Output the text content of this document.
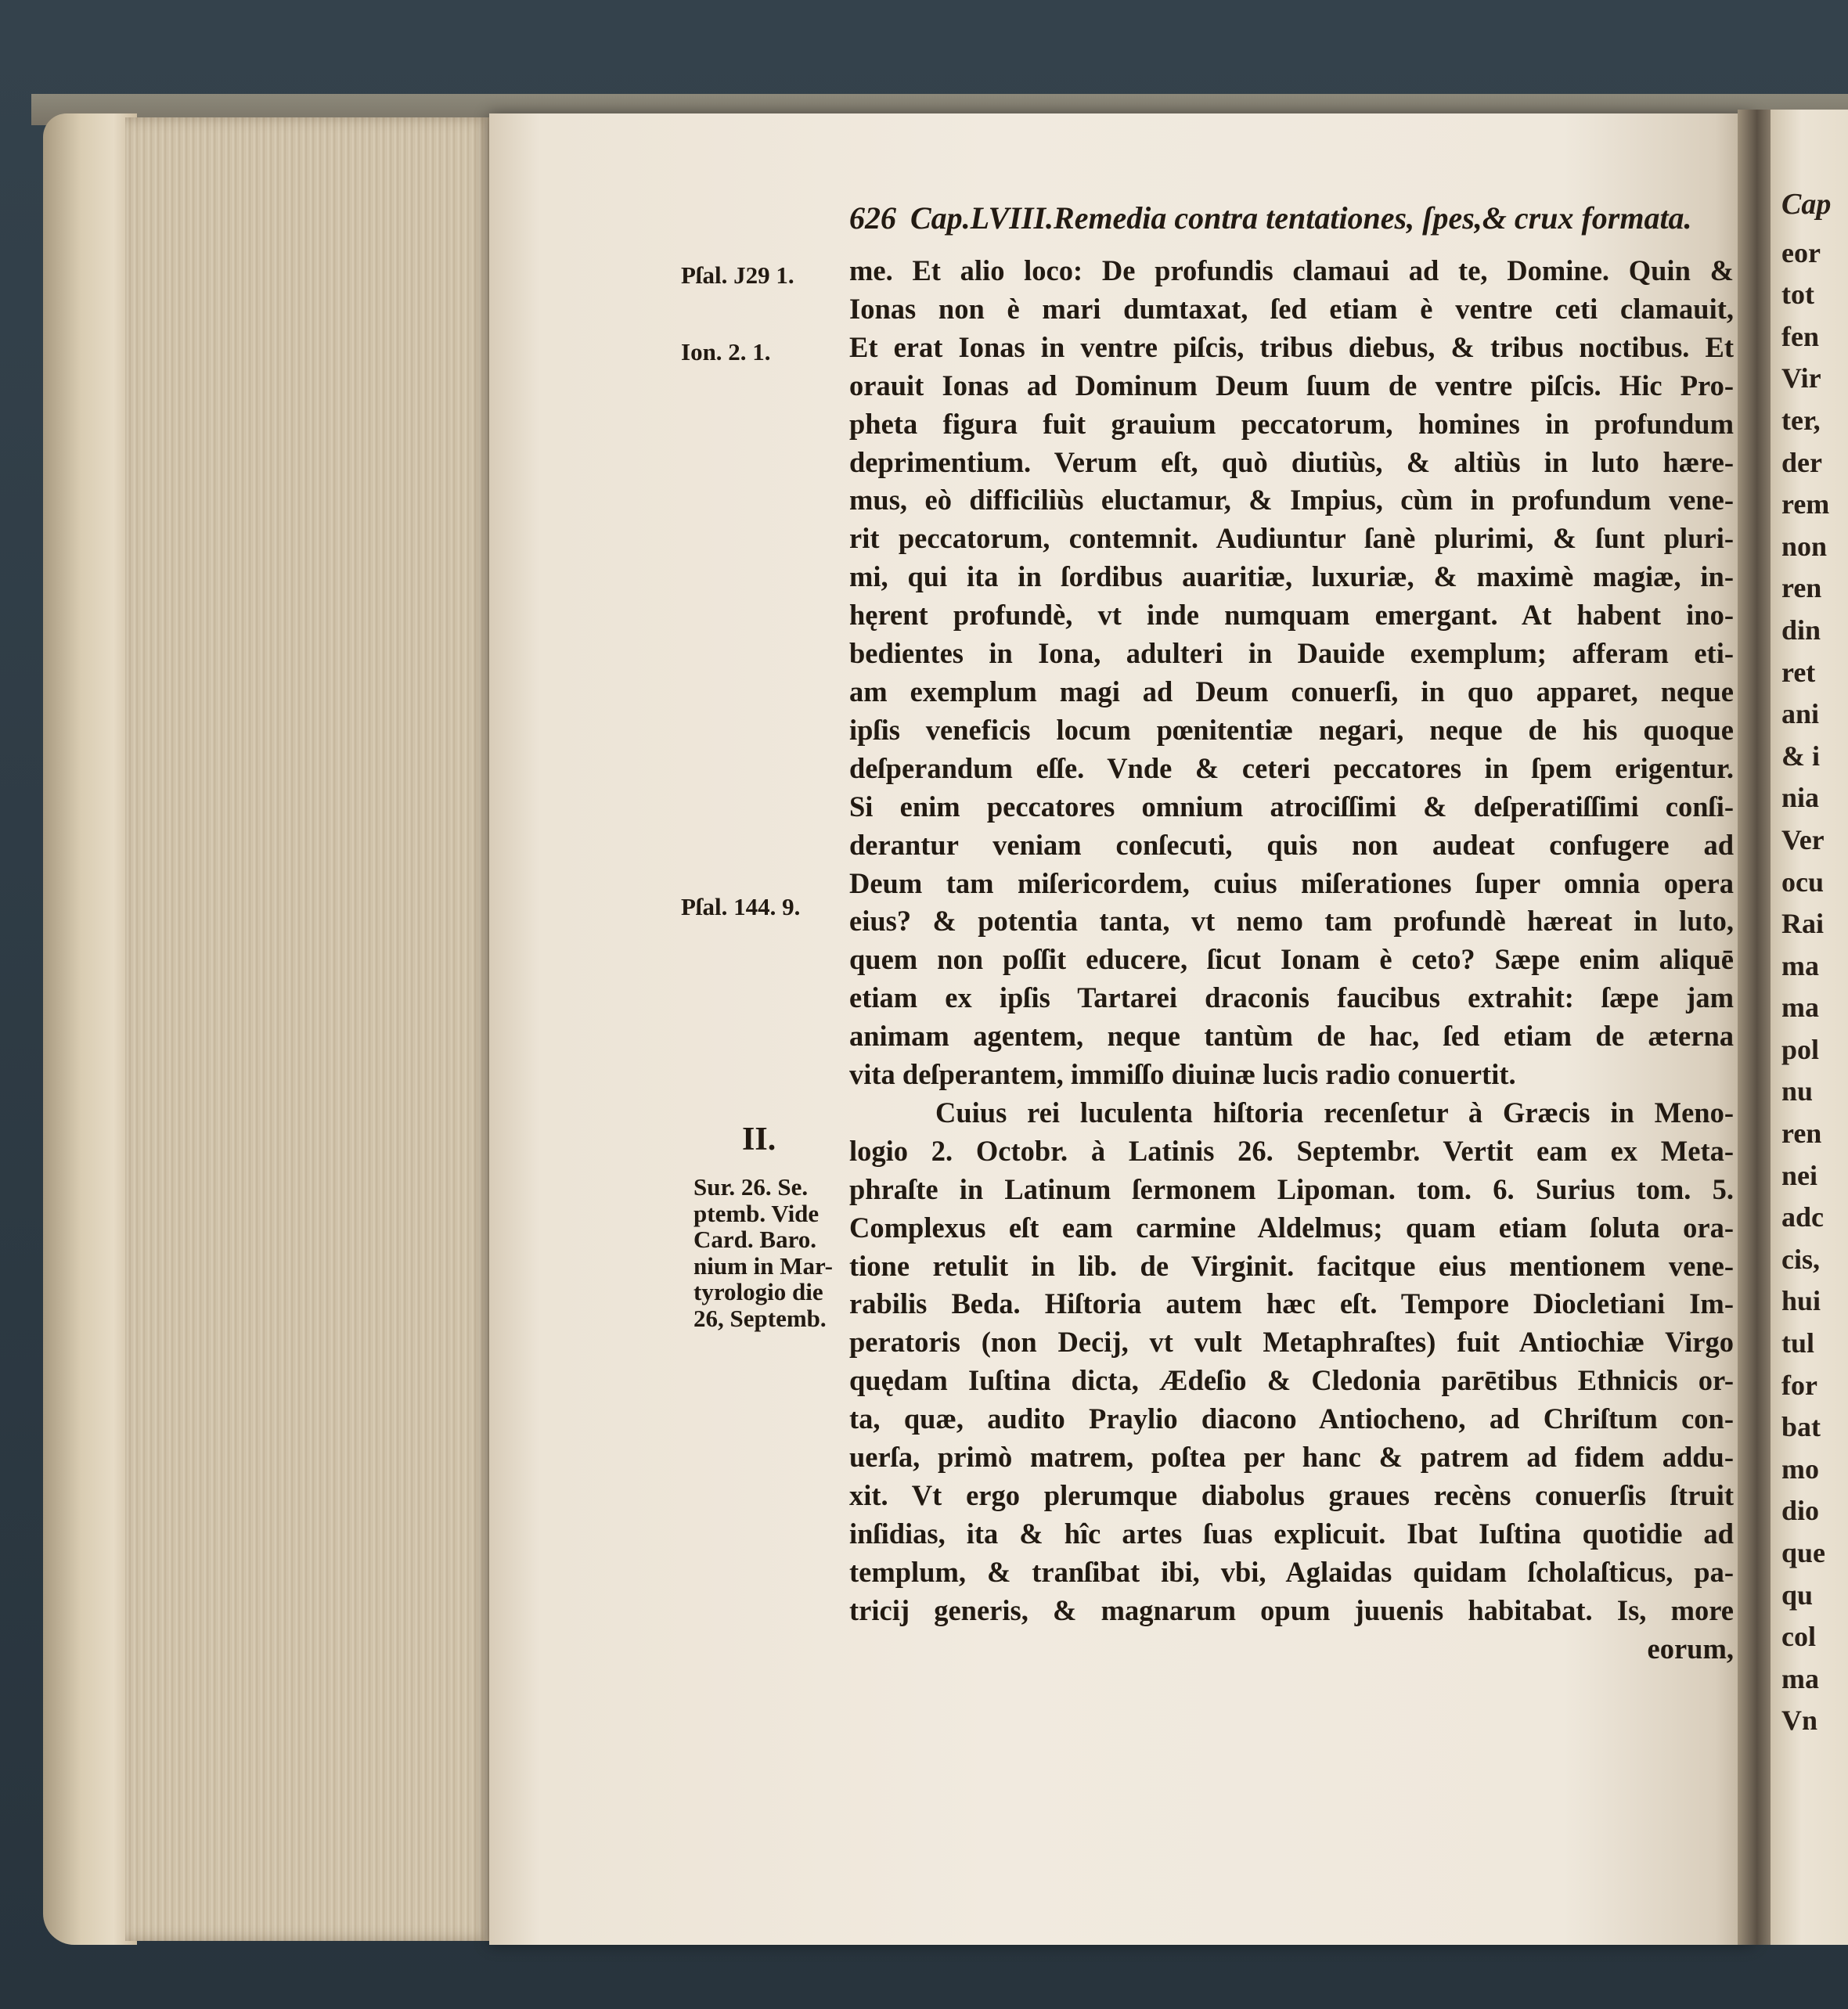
626 Cap.LVIII.Remedia contra tentationes, ſpes,& crux formata.
Pſal. J29 1.
Ion. 2. 1.
Pſal. 144. 9.
II.
Sur. 26. Se.
ptemb. Vide
Card. Baro.
nium in Mar-
tyrologio die
26, Septemb.
me. Et alio loco: De profundis clamaui ad te, Domine. Quin &
Ionas non è mari dumtaxat, ſed etiam è ventre ceti clamauit,
Et erat Ionas in ventre piſcis, tribus diebus, & tribus noctibus. Et
orauit Ionas ad Dominum Deum ſuum de ventre piſcis. Hic Pro-
pheta figura fuit grauium peccatorum, homines in profundum
deprimentium. Verum eſt, quò diutiùs, & altiùs in luto hære-
mus, eò difficiliùs eluctamur, & Impius, cùm in profundum vene-
rit peccatorum, contemnit. Audiuntur ſanè plurimi, & ſunt pluri-
mi, qui ita in ſordibus auaritiæ, luxuriæ, & maximè magiæ, in-
hęrent profundè, vt inde numquam emergant. At habent ino-
bedientes in Iona, adulteri in Dauide exemplum; afferam eti-
am exemplum magi ad Deum conuerſi, in quo apparet, neque
ipſis veneficis locum pœnitentiæ negari, neque de his quoque
deſperandum eſſe. Vnde & ceteri peccatores in ſpem erigentur.
Si enim peccatores omnium atrociſſimi & deſperatiſſimi conſi-
derantur veniam conſecuti, quis non audeat confugere ad
Deum tam miſericordem, cuius miſerationes ſuper omnia opera
eius? & potentia tanta, vt nemo tam profundè hæreat in luto,
quem non poſſit educere, ſicut Ionam è ceto? Sæpe enim aliquē
etiam ex ipſis Tartarei draconis faucibus extrahit: ſæpe jam
animam agentem, neque tantùm de hac, ſed etiam de æterna
vita deſperantem, immiſſo diuinæ lucis radio conuertit.
Cuius rei luculenta hiſtoria recenſetur à Græcis in Meno-
logio 2. Octobr. à Latinis 26. Septembr. Vertit eam ex Meta-
phraſte in Latinum ſermonem Lipoman. tom. 6. Surius tom. 5.
Complexus eſt eam carmine Aldelmus; quam etiam ſoluta ora-
tione retulit in lib. de Virginit. facitque eius mentionem vene-
rabilis Beda. Hiſtoria autem hæc eſt. Tempore Diocletiani Im-
peratoris (non Decij, vt vult Metaphraſtes) fuit Antiochiæ Virgo
quędam Iuſtina dicta, Ædeſio & Cledonia parētibus Ethnicis or-
ta, quæ, audito Praylio diacono Antiocheno, ad Chriſtum con-
uerſa, primò matrem, poſtea per hanc & patrem ad fidem addu-
xit. Vt ergo plerumque diabolus graues recèns conuerſis ſtruit
inſidias, ita & hîc artes ſuas explicuit. Ibat Iuſtina quotidie ad
templum, & tranſibat ibi, vbi, Aglaidas quidam ſcholaſticus, pa-
tricij generis, & magnarum opum juuenis habitabat. Is, more
eorum,
Cap
eor
tot
fen
Vir
ter,
der
rem
non
ren
din
ret
ani
& i
nia
Ver
ocu
Rai
ma
ma
pol
nu
ren
nei
adc
cis,
hui
tul
for
bat
mo
dio
que
qu
col
ma
Vn
